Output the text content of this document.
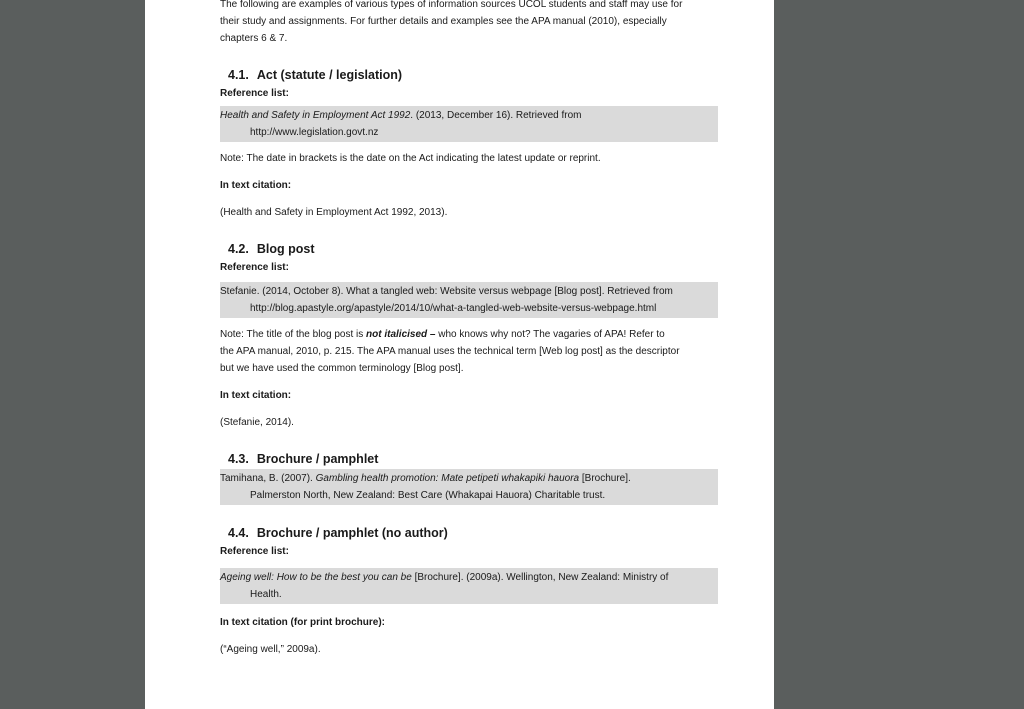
The following are examples of various types of information sources UCOL students and staff may use for
their study and assignments. For further details and examples see the APA manual (2010), especially
chapters 6 & 7.

4.1. Act (statute / legislation)

Reference list:

Health and Safety in Employment Act 1992. (2013, December 16). Retrieved from
http://www.legislation.govt.nz

Note: The date in brackets is the date on the Act indicating the latest update or reprint.

In text citation:

(Health and Safety in Employment Act 1992, 2013).

4.2. Blog post

Reference list:

Stefanie. (2014, October 8). What a tangled web: Website versus webpage [Blog post]. Retrieved from
http://blog.apastyle.org/apastyle/2014/10/what-a-tangled-web-website-versus-webpage.html

Note: The title of the blog post is not italicised – who knows why not? The vagaries of APA! Refer to
the APA manual, 2010, p. 215. The APA manual uses the technical term [Web log post] as the descriptor
but we have used the common terminology [Blog post].

In text citation:

(Stefanie, 2014).

4.3. Brochure / pamphlet

Tamihana, B. (2007). Gambling health promotion: Mate petipeti whakapiki hauora [Brochure].
Palmerston North, New Zealand: Best Care (Whakapai Hauora) Charitable trust.

4.4. Brochure / pamphlet (no author)

Reference list:

Ageing well: How to be the best you can be [Brochure]. (2009a). Wellington, New Zealand: Ministry of
Health.

In text citation (for print brochure):

(“Ageing well,” 2009a).
